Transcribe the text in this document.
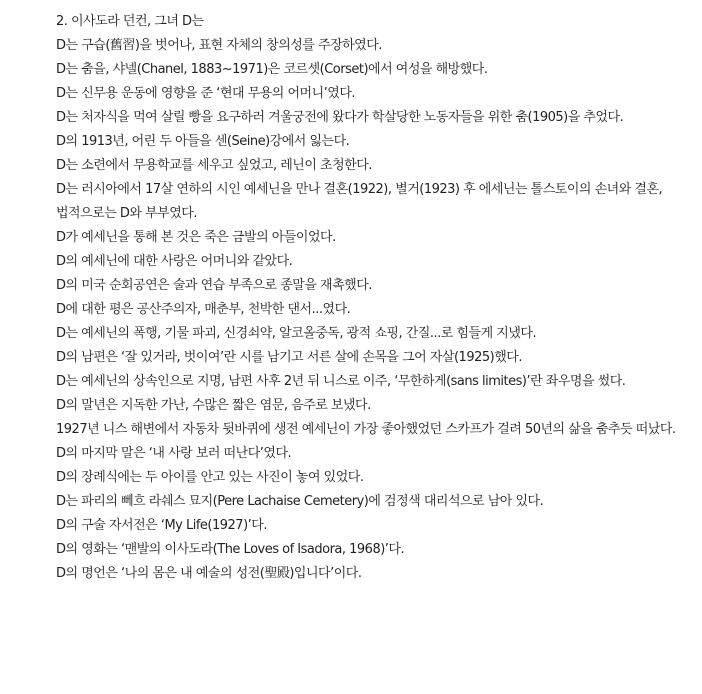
2. 이사도라 던컨, 그녀 D는
D는 구습(舊習)을 벗어나, 표현 자체의 창의성를 주장하였다.
D는 춤을, 샤넬(Chanel, 1883~1971)은 코르셋(Corset)에서 여성을 해방했다.
D는 신무용 운동에 영향을 준 ‘현대 무용의 어머니’였다.
D는 처자식을 먹여 살릴 빵을 요구하러 겨울궁전에 왔다가 학살당한 노동자들을 위한 춤(1905)을 추었다.
D의 1913년, 어린 두 아들을 센(Seine)강에서 잃는다.
D는 소련에서 무용학교를 세우고 싶었고, 레닌이 초청한다.
D는 러시아에서 17살 연하의 시인 예세닌을 만나 결혼(1922), 별거(1923) 후 에세닌는 톨스토이의 손녀와 결혼,
법적으로는 D와 부부였다.
D가 예세닌을 통해 본 것은 죽은 금발의 아들이었다.
D의 예세닌에 대한 사랑은 어머니와 같았다.
D의 미국 순회공연은 술과 연습 부족으로 종말을 재촉했다.
D에 대한 평은 공산주의자, 매춘부, 천박한 댄서...였다.
D는 예세닌의 폭행, 기물 파괴, 신경쇠약, 알코올중독, 광적 쇼핑, 간질...로 힘들게 지냈다.
D의 남편은 ‘잘 있거라, 벗이여’란 시를 남기고 서른 살에 손목을 그어 자살(1925)했다.
D는 예세닌의 상속인으로 지명, 남편 사후 2년 뒤 니스로 이주, ‘무한하게(sans limites)’란 좌우명을 썼다.
D의 말년은 지독한 가난, 수많은 짧은 염문, 음주로 보냈다.
1927년 니스 해변에서 자동차 뒷바퀴에 생전 예세닌이 가장 좋아했었던 스카프가 걸려 50년의 삶을 춤추듯 떠났다.
D의 마지막 말은 ‘내 사랑 보러 떠난다’였다.
D의 장례식에는 두 아이를 안고 있는 사진이 놓여 있었다.
D는 파리의 뻬흐 라쉐스 묘지(Pere Lachaise Cemetery)에 검정색 대리석으로 남아 있다.
D의 구술 자서전은 ‘My Life(1927)’다.
D의 영화는 ‘맨발의 이사도라(The Loves of Isadora, 1968)’다.
D의 명언은 ‘나의 몸은 내 예술의 성전(聖殿)입니다’이다.
